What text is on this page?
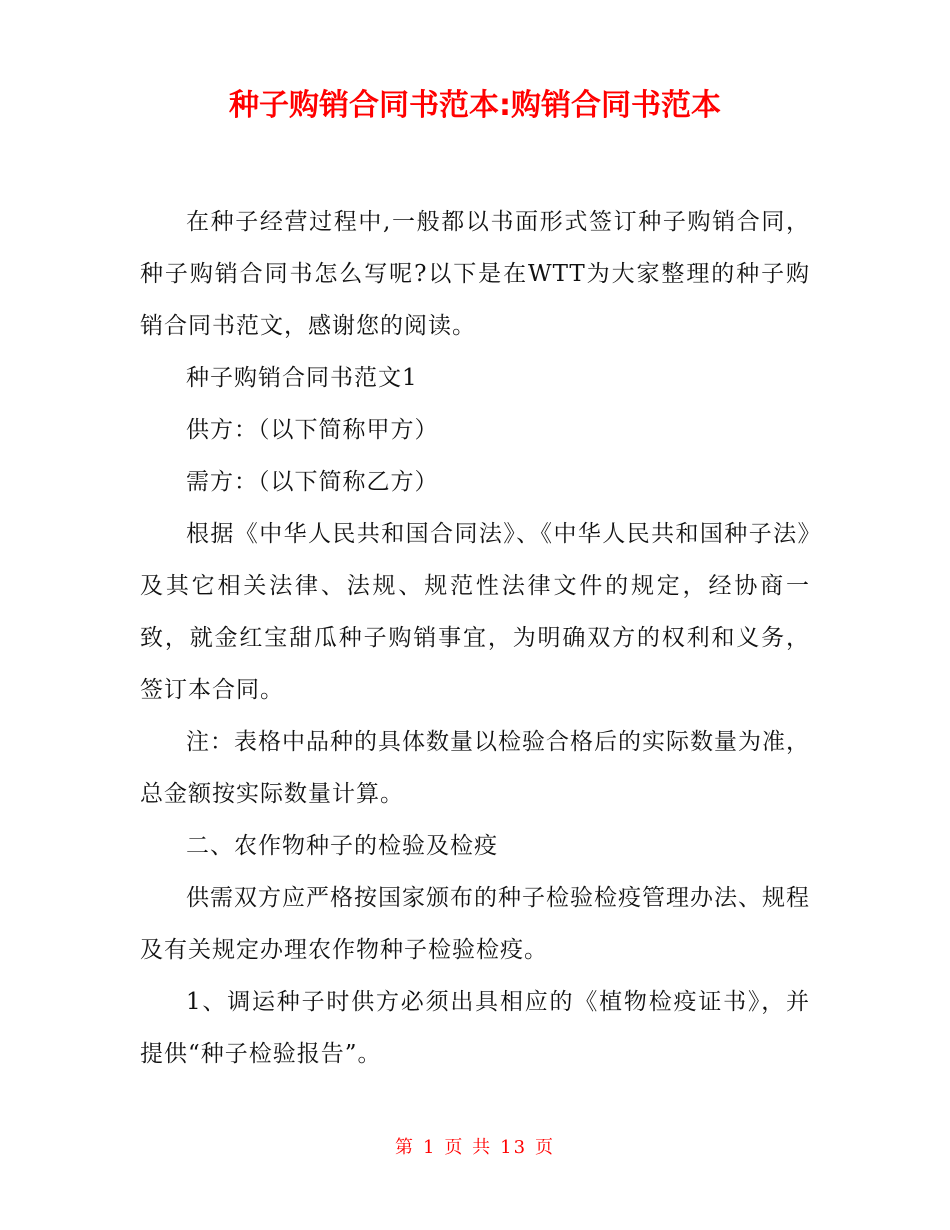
种子购销合同书范本:购销合同书范本

在种子经营过程中,一般都以书面形式签订种子购销合同，种子购销合同书怎么写呢?以下是在WTT为大家整理的种子购销合同书范文，感谢您的阅读。

种子购销合同书范文1

供方：（以下简称甲方）

需方：（以下简称乙方）

根据《中华人民共和国合同法》、《中华人民共和国种子法》及其它相关法律、法规、规范性法律文件的规定，经协商一致，就金红宝甜瓜种子购销事宜，为明确双方的权利和义务，签订本合同。

注：表格中品种的具体数量以检验合格后的实际数量为准，总金额按实际数量计算。

二、农作物种子的检验及检疫

供需双方应严格按国家颁布的种子检验检疫管理办法、规程及有关规定办理农作物种子检验检疫。

1、调运种子时供方必须出具相应的《植物检疫证书》，并提供“种子检验报告”。

第 1 页 共 13 页
